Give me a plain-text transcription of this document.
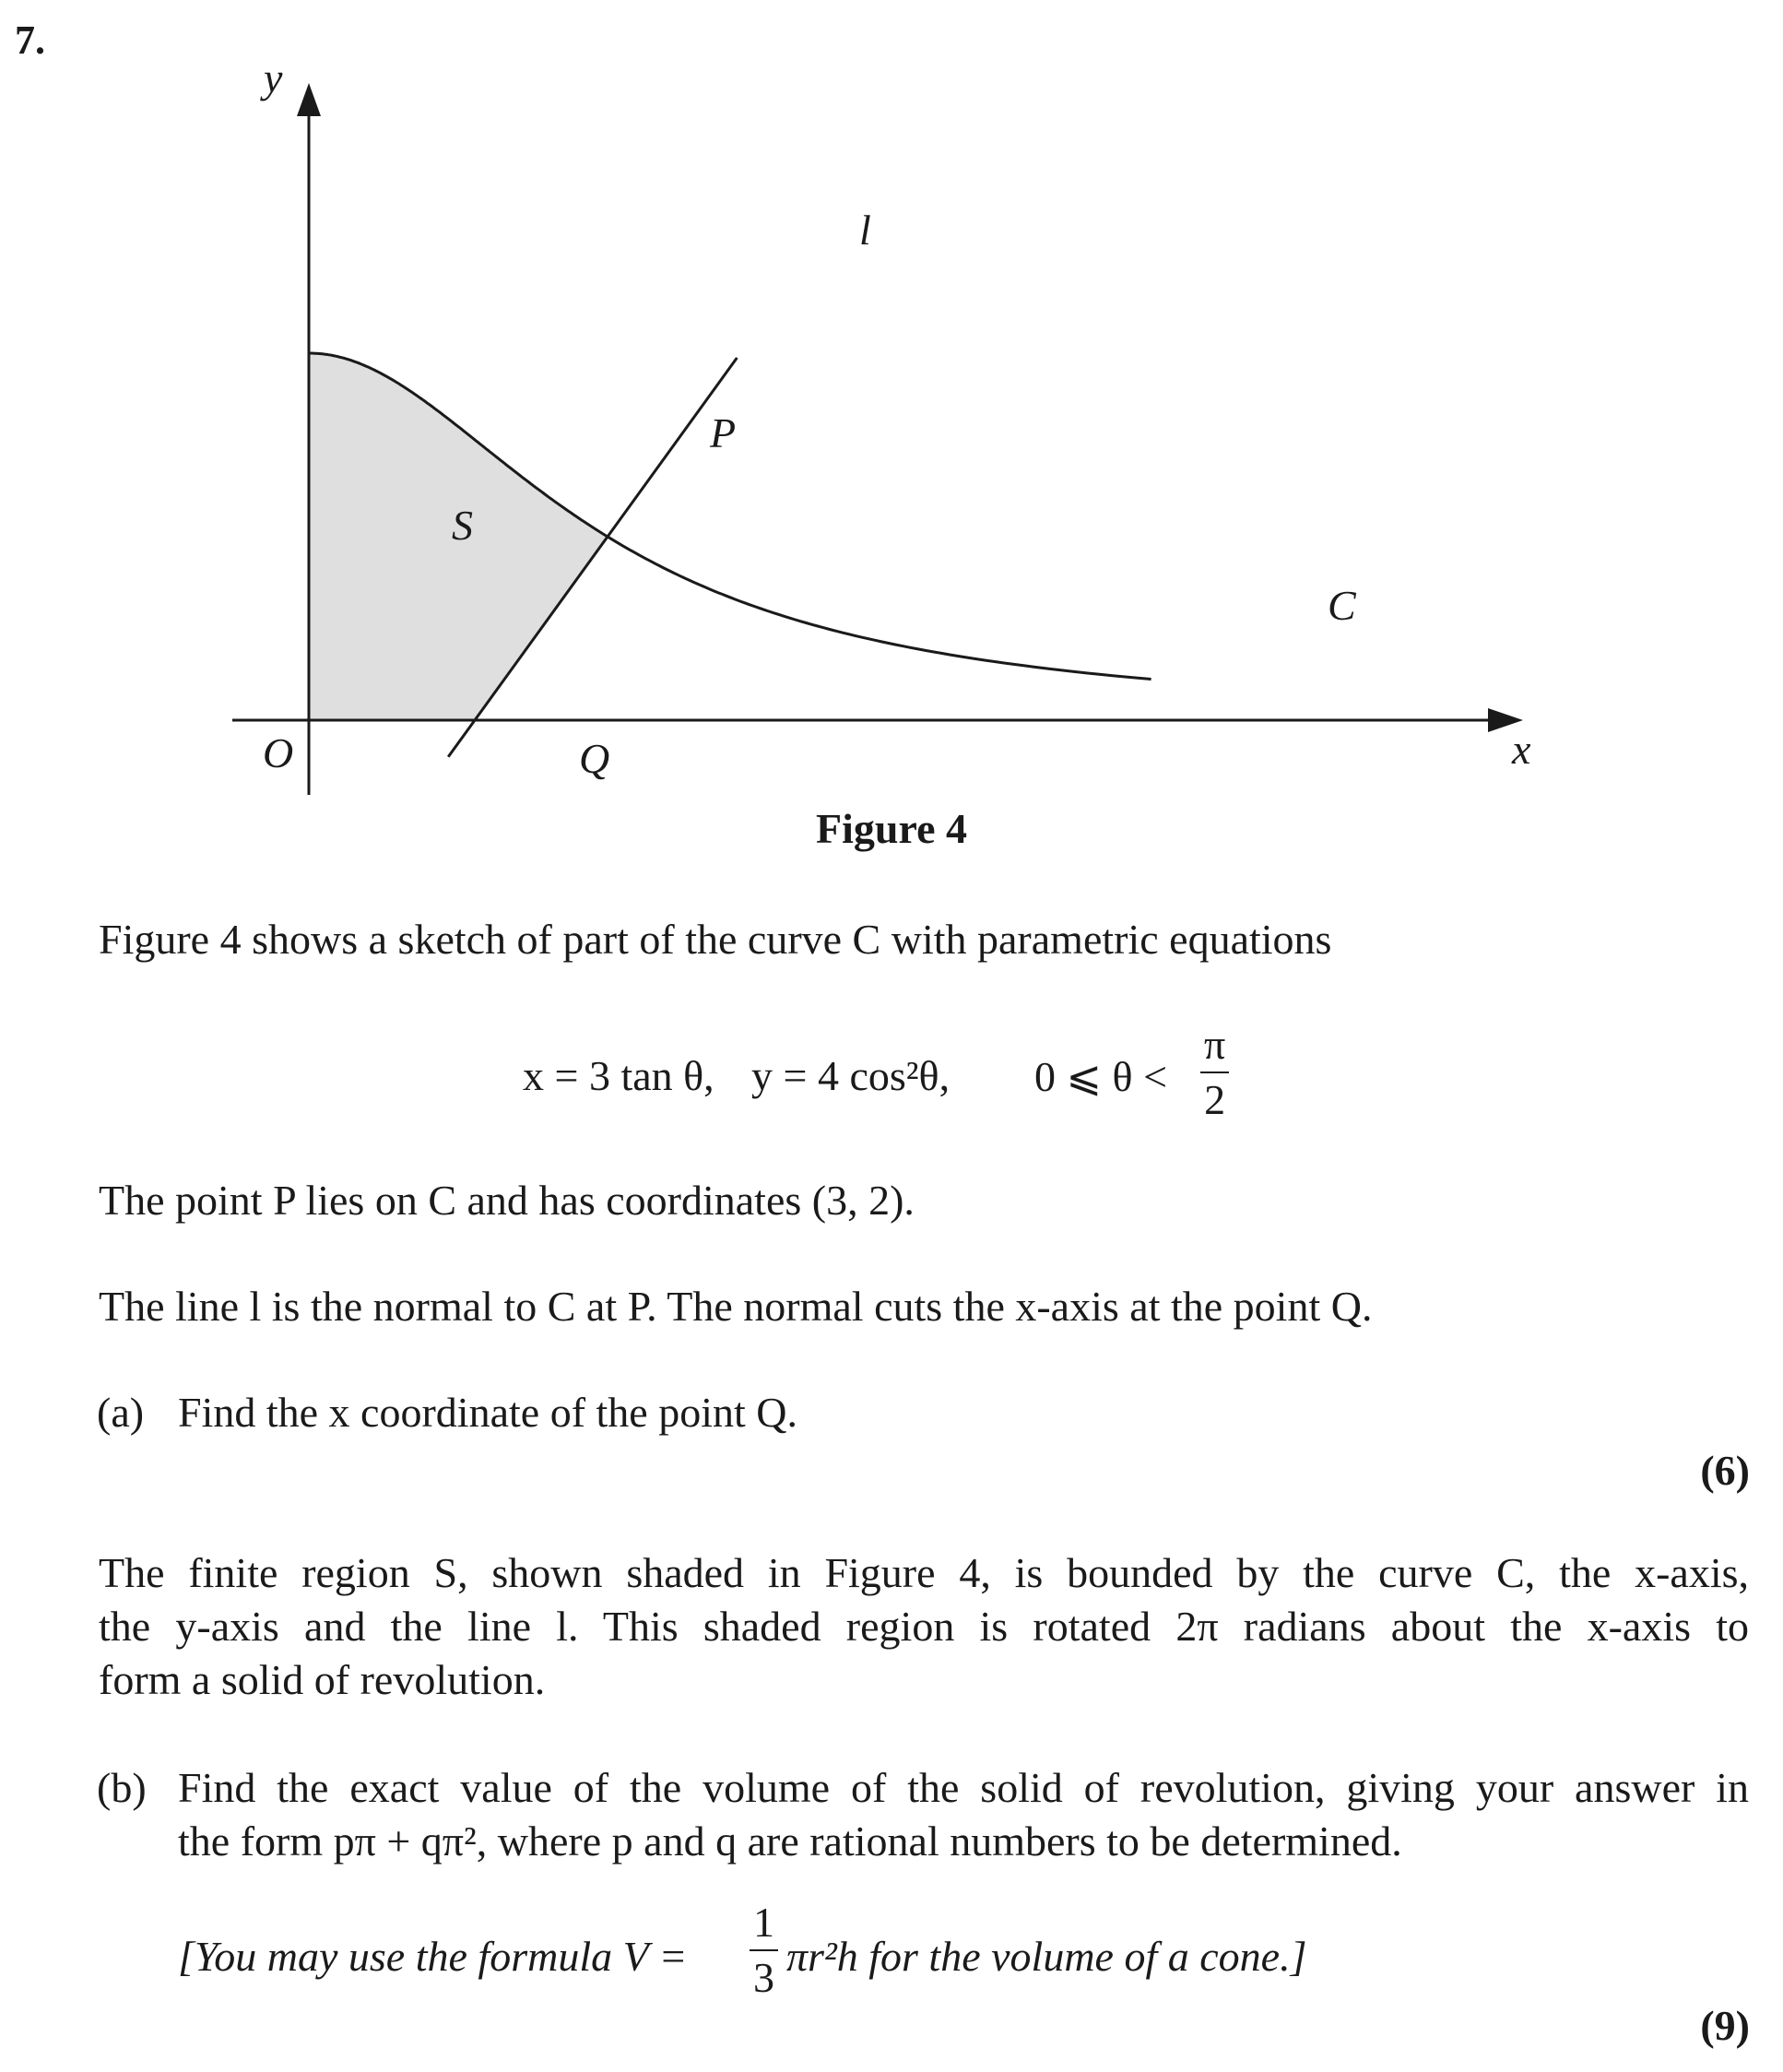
7.
y
x
O
l
P
Q
S
C
Figure 4
Figure 4 shows a sketch of part of the curve C with parametric equations
x = 3 tan θ, y = 4 cos²θ, 0 ⩽ $\theta < \frac{\pi}{2}$
The point P lies on C and has coordinates (3, 2).
The line l is the normal to C at P. The normal cuts the x-axis at the point Q.
(a) Find the x coordinate of the point Q.
(6)
The finite region S, shown shaded in Figure 4, is bounded by the curve C, the x-axis,
the y-axis and the line l. This shaded region is rotated 2π radians about the x-axis to
form a solid of revolution.
(b) Find the exact value of the volume of the solid of revolution, giving your answer in
the form pπ + qπ², where p and q are rational numbers to be determined.
[You may use the formula $V = \frac{1}{3} \pi r^2h$ for the volume of a cone.]
(9)
